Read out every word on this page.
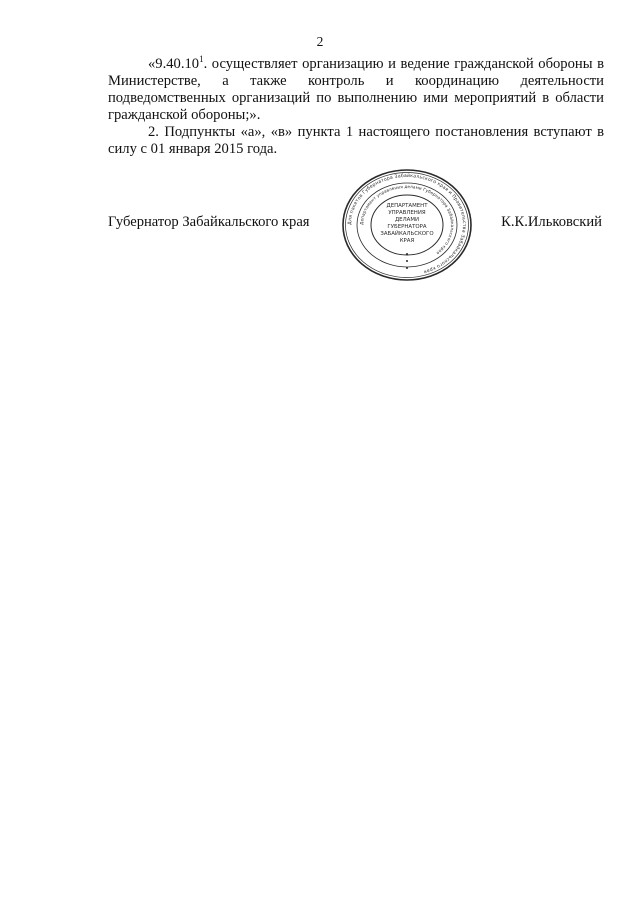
2

«9.40.10$^1$. осуществляет организацию и ведение гражданской обороны в Министерстве, а также контроль и координацию деятельности подведомственных организаций по выполнению ими мероприятий в области гражданской обороны;».

2. Подпункты «а», «в» пункта 1 настоящего постановления вступают в силу с 01 января 2015 года.

Для пакетов Губернатора Забайкальского края и Правительства Забайкальского края
Департамент управления делами Губернатора Забайкальского края
ДЕПАРТАМЕНТ
УПРАВЛЕНИЯ
ДЕЛАМИ
ГУБЕРНАТОРА
ЗАБАЙКАЛЬСКОГО
КРАЯ
Губернатор Забайкальского края	К.К.Ильковский
